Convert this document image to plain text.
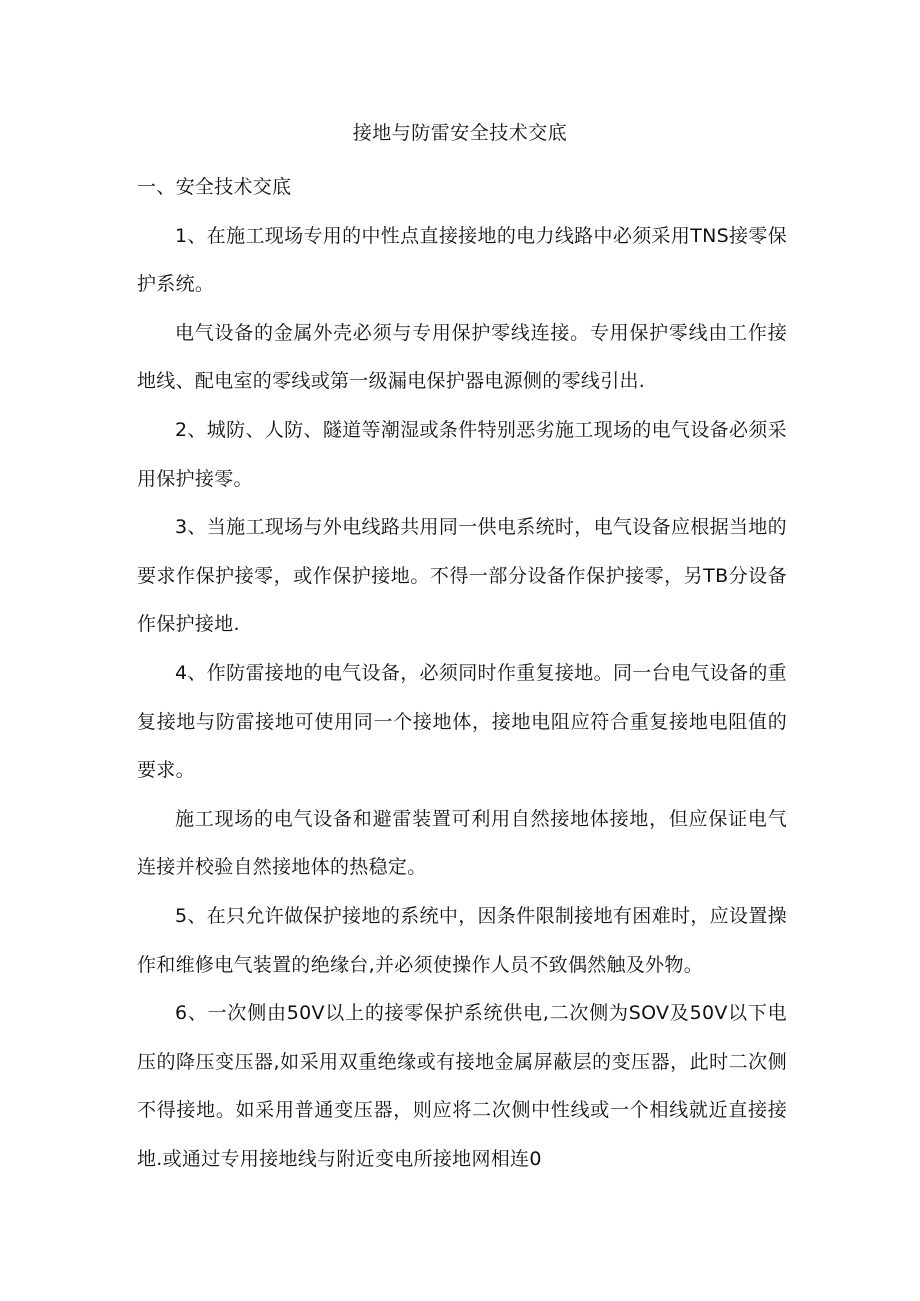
接地与防雷安全技术交底
一、安全技术交底

1、在施工现场专用的中性点直接接地的电力线路中必须采用TNS接零保护系统。

电气设备的金属外壳必须与专用保护零线连接。专用保护零线由工作接地线、配电室的零线或第一级漏电保护器电源侧的零线引出.

2、城防、人防、隧道等潮湿或条件特别恶劣施工现场的电气设备必须采用保护接零。

3、当施工现场与外电线路共用同一供电系统时，电气设备应根据当地的要求作保护接零，或作保护接地。不得一部分设备作保护接零，另TB分设备作保护接地.

4、作防雷接地的电气设备，必须同时作重复接地。同一台电气设备的重复接地与防雷接地可使用同一个接地体，接地电阻应符合重复接地电阻值的要求。

施工现场的电气设备和避雷装置可利用自然接地体接地，但应保证电气连接并校验自然接地体的热稳定。

5、在只允许做保护接地的系统中，因条件限制接地有困难时，应设置操作和维修电气装置的绝缘台,并必须使操作人员不致偶然触及外物。

6、一次侧由50V以上的接零保护系统供电,二次侧为SOV及50V以下电压的降压变压器,如采用双重绝缘或有接地金属屏蔽层的变压器，此时二次侧不得接地。如采用普通变压器，则应将二次侧中性线或一个相线就近直接接地.或通过专用接地线与附近变电所接地网相连0
